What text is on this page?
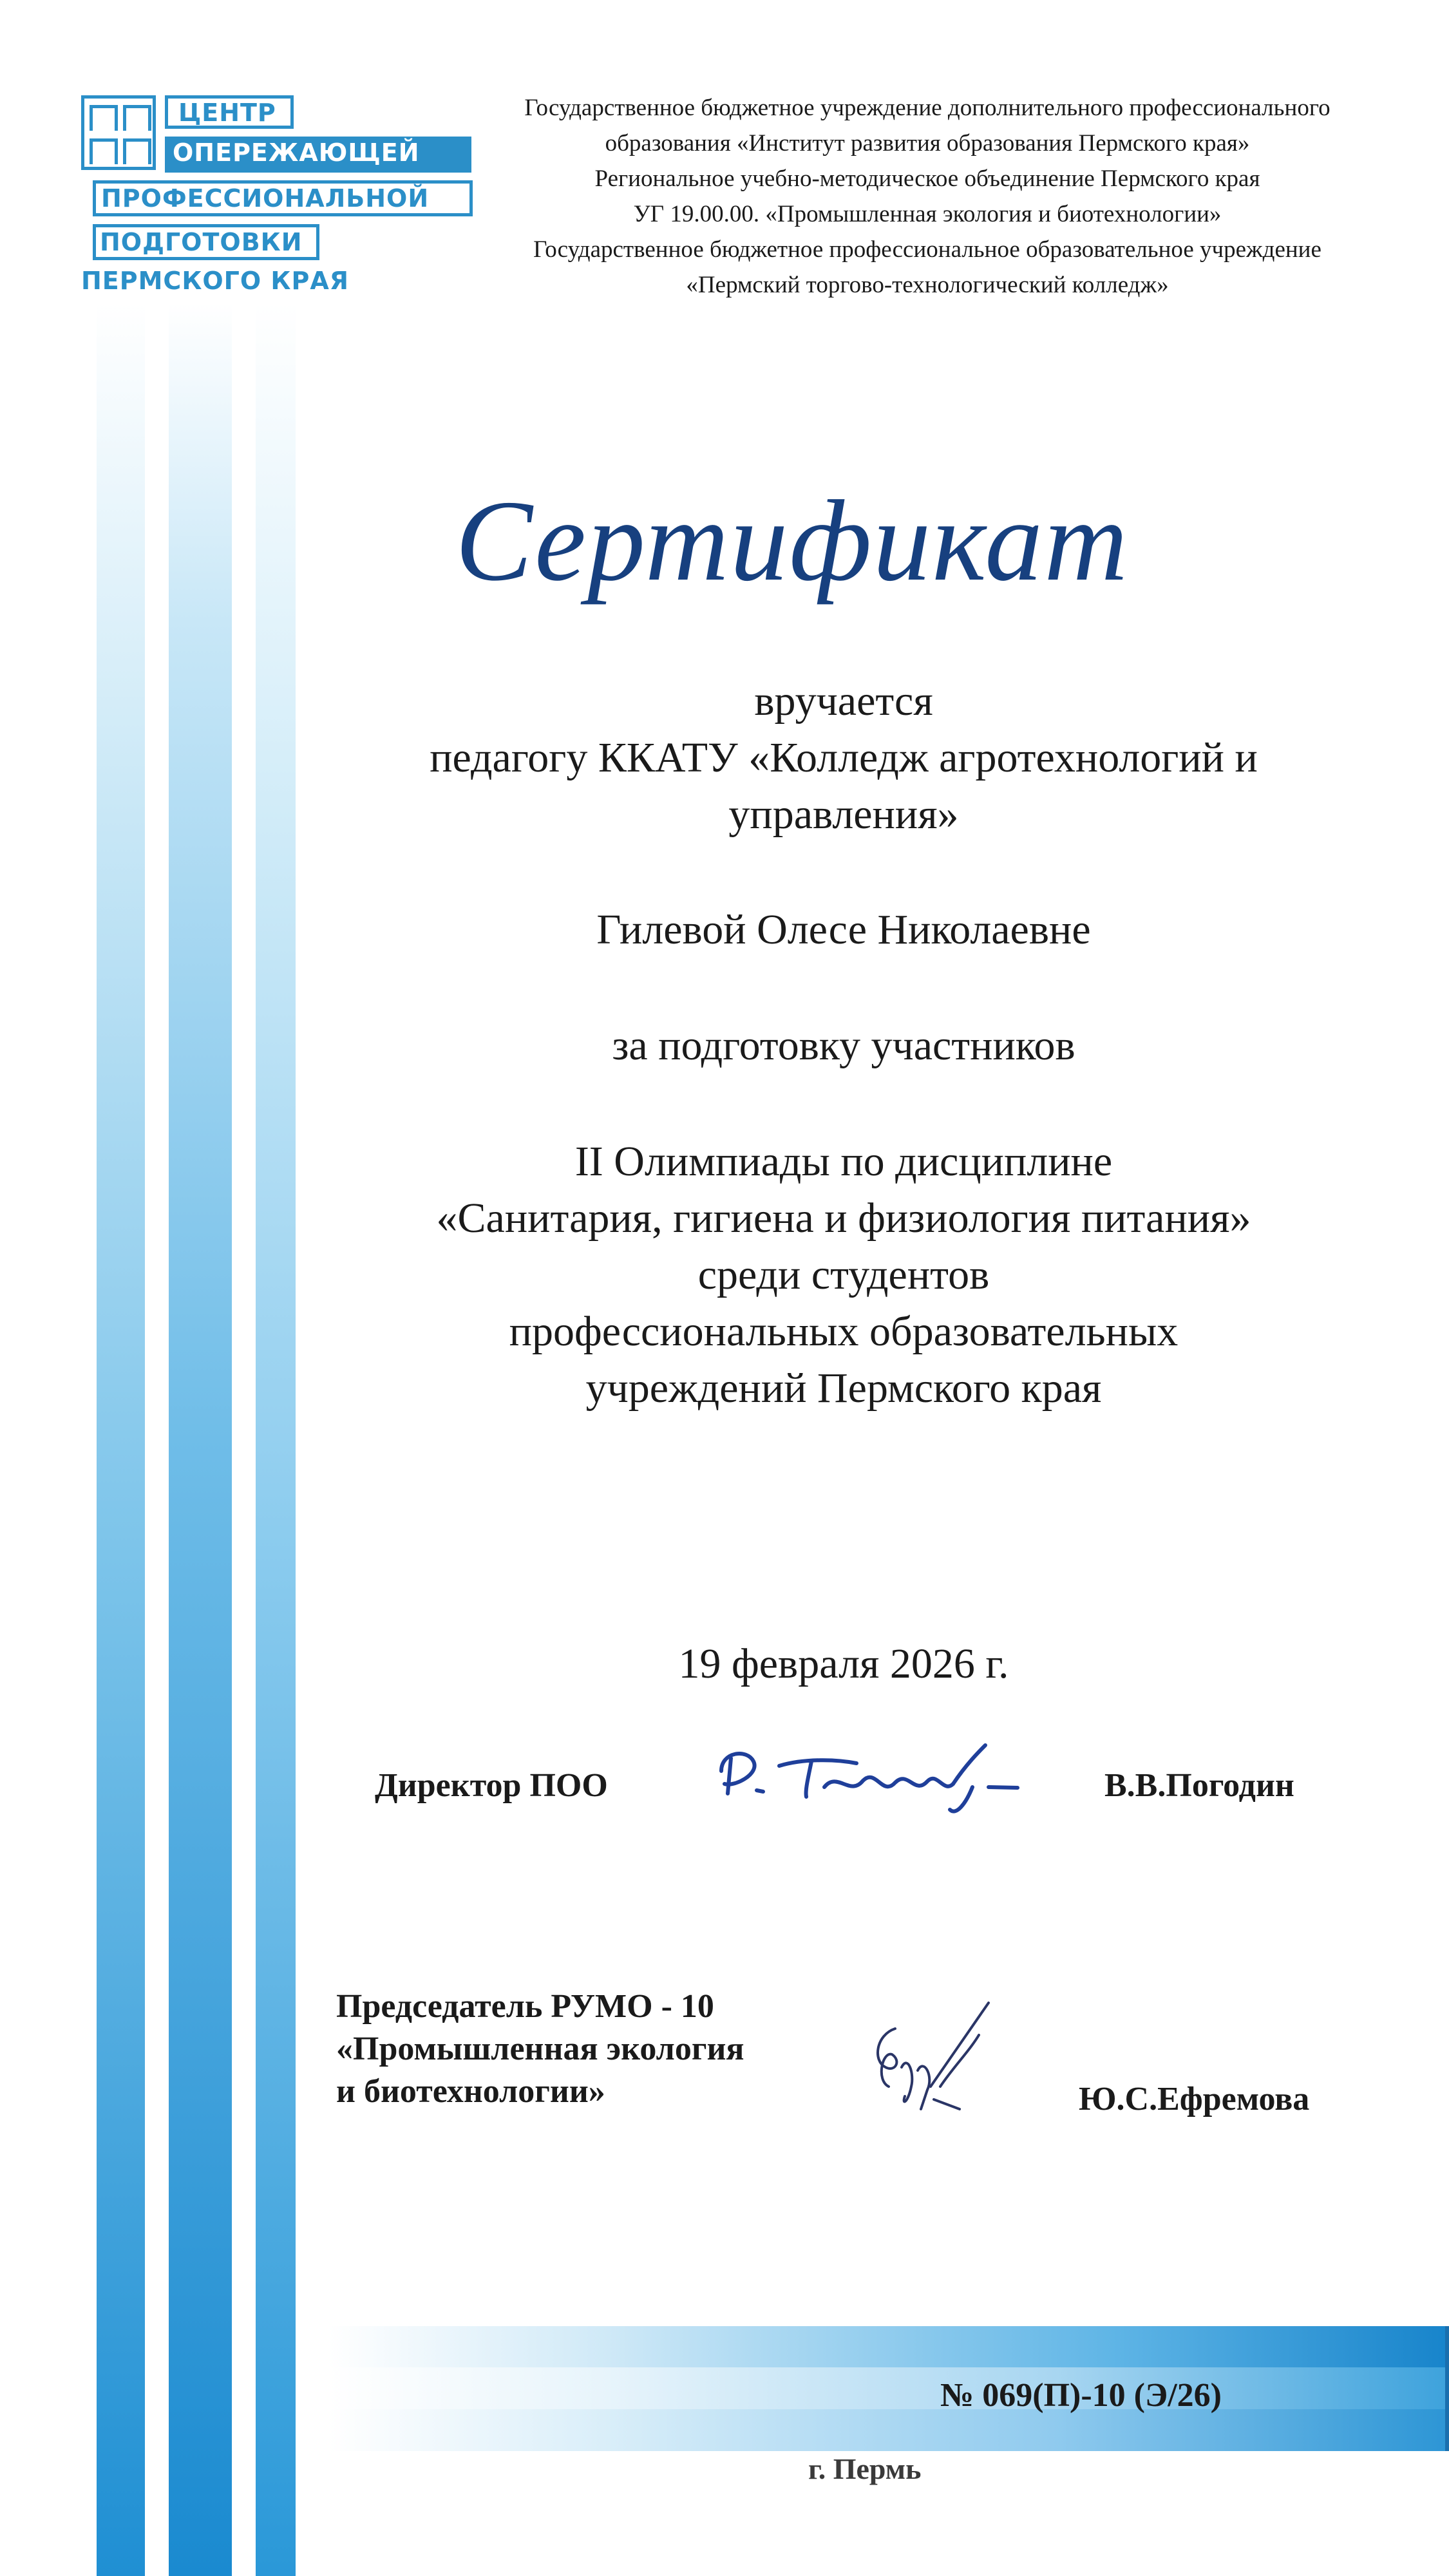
ЦЕНТР
ОПЕРЕЖАЮЩЕЙ
ПРОФЕССИОНАЛЬНОЙ
ПОДГОТОВКИ
ПЕРМСКОГО КРАЯ
Государственное бюджетное учреждение дополнительного профессионального
образования «Институт развития образования Пермского края»
Региональное учебно-методическое объединение Пермского края
УГ 19.00.00. «Промышленная экология и биотехнологии»
Государственное бюджетное профессиональное образовательное учреждение
«Пермский торгово-технологический колледж»
Сертификат
вручается
педагогу ККАТУ «Колледж агротехнологий и
управления»
Гилевой Олесе Николаевне
за подготовку участников
II Олимпиады по дисциплине
«Санитария, гигиена и физиология питания»
среди студентов
профессиональных образовательных
учреждений Пермского края
19 февраля 2026 г.
Директор ПОО	В.В.Погодин
Председатель РУМО - 10
«Промышленная экология
и биотехнологии»	Ю.С.Ефремова
№ 069(П)-10 (Э/26)
г. Пермь
